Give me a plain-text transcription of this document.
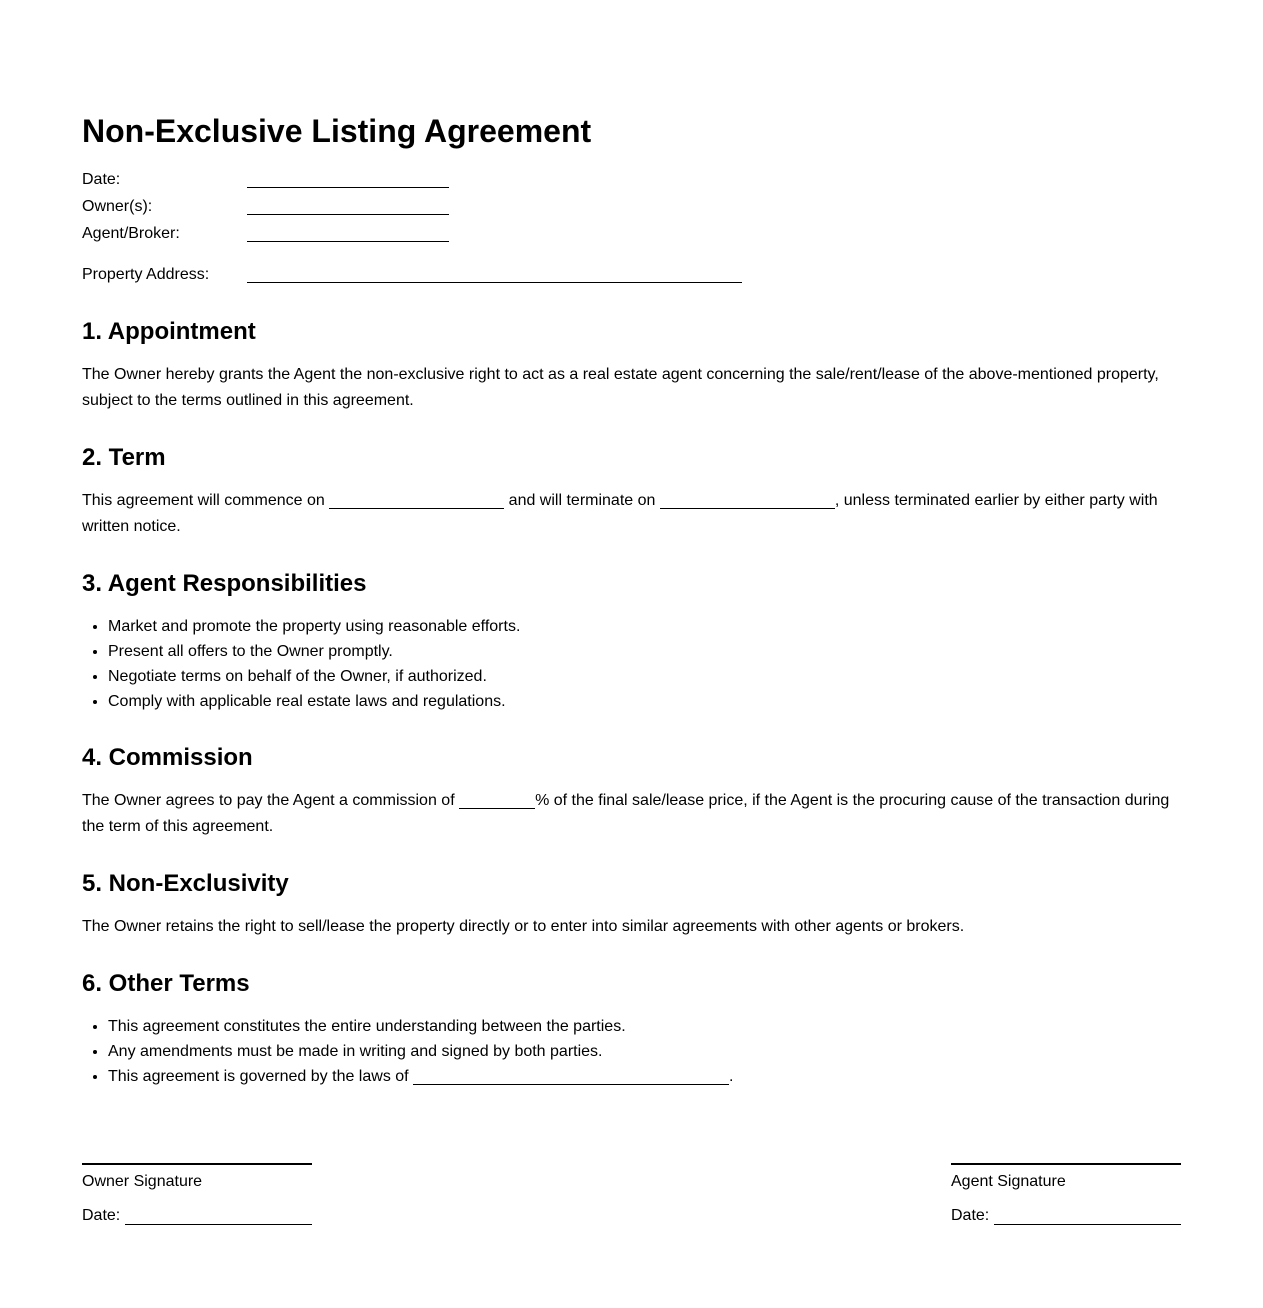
Non-Exclusive Listing Agreement
Date:
Owner(s):
Agent/Broker:
Property Address:
1. Appointment

The Owner hereby grants the Agent the non-exclusive right to act as a real estate agent concerning the sale/rent/lease of the above-mentioned property, subject to the terms outlined in this agreement.

2. Term

This agreement will commence on	and will terminate on	, unless terminated earlier by either party with written notice.

3. Agent Responsibilities
• Market and promote the property using reasonable efforts.
• Present all offers to the Owner promptly.
• Negotiate terms on behalf of the Owner, if authorized.
• Comply with applicable real estate laws and regulations.
4. Commission

The Owner agrees to pay the Agent a commission of	% of the final sale/lease price, if the Agent is the procuring cause of the transaction during the term of this agreement.

5. Non-Exclusivity

The Owner retains the right to sell/lease the property directly or to enter into similar agreements with other agents or brokers.

6. Other Terms
• This agreement constitutes the entire understanding between the parties.
• Any amendments must be made in writing and signed by both parties.
• This agreement is governed by the laws of	.
Owner Signature
Date:
Agent Signature
Date:
